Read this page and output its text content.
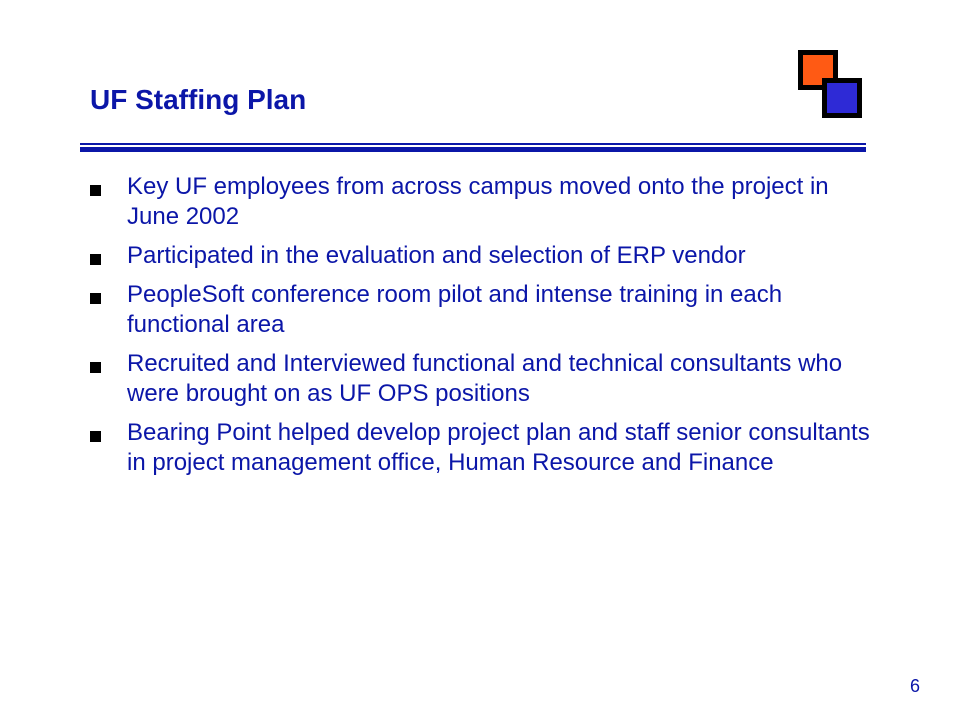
UF Staffing Plan
Key UF employees from across campus moved onto the project in June 2002
Participated in the evaluation and selection of ERP vendor
PeopleSoft conference room pilot and intense training in each functional area
Recruited and Interviewed functional and technical consultants who were brought on as UF OPS positions
Bearing Point helped develop project plan and staff senior consultants in project management office, Human Resource and Finance
6
